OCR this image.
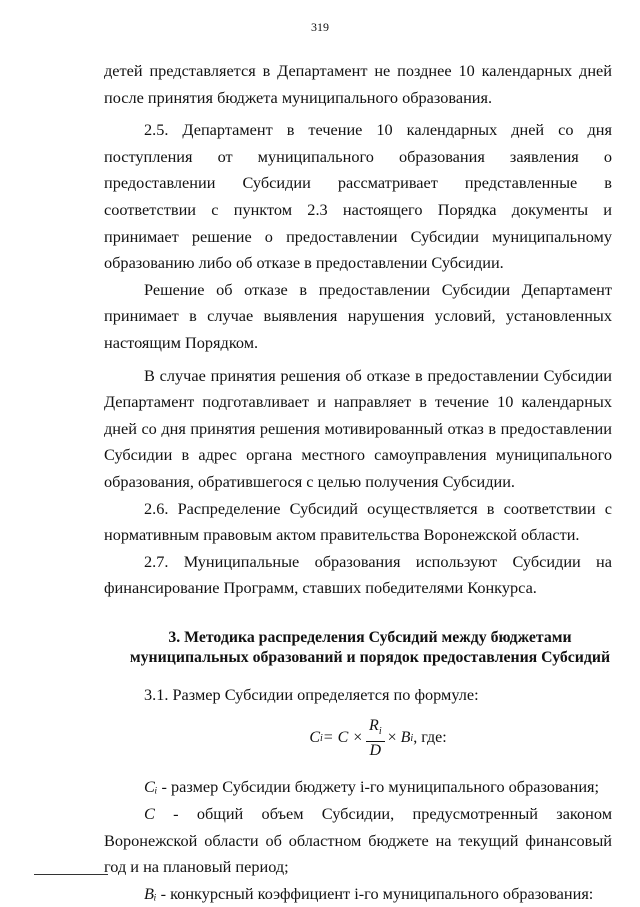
319

детей представляется в Департамент не позднее 10 календарных дней после принятия бюджета муниципального образования.

2.5. Департамент в течение 10 календарных дней со дня поступления от муниципального образования заявления о предоставлении Субсидии рассматривает представленные в соответствии с пунктом 2.3 настоящего Порядка документы и принимает решение о предоставлении Субсидии муниципальному образованию либо об отказе в предоставлении Субсидии.

Решение об отказе в предоставлении Субсидии Департамент принимает в случае выявления нарушения условий, установленных настоящим Порядком.

В случае принятия решения об отказе в предоставлении Субсидии Департамент подготавливает и направляет в течение 10 календарных дней со дня принятия решения мотивированный отказ в предоставлении Субсидии в адрес органа местного самоуправления муниципального образования, обратившегося с целью получения Субсидии.

2.6. Распределение Субсидий осуществляется в соответствии с нормативным правовым актом правительства Воронежской области.

2.7. Муниципальные образования используют Субсидии на финансирование Программ, ставших победителями Конкурса.

3. Методика распределения Субсидий между бюджетами
муниципальных образований и порядок предоставления Субсидий

3.1. Размер Субсидии определяется по формуле:

C $i = C \times \frac{R_i}{D}$ ×
B i , где:

Cᵢ - размер Субсидии бюджету i-го муниципального образования;

C - общий объем Субсидии, предусмотренный законом Воронежской области об областном бюджете на текущий финансовый год и на плановый период;

Bᵢ - конкурсный коэффициент i-го муниципального образования:
